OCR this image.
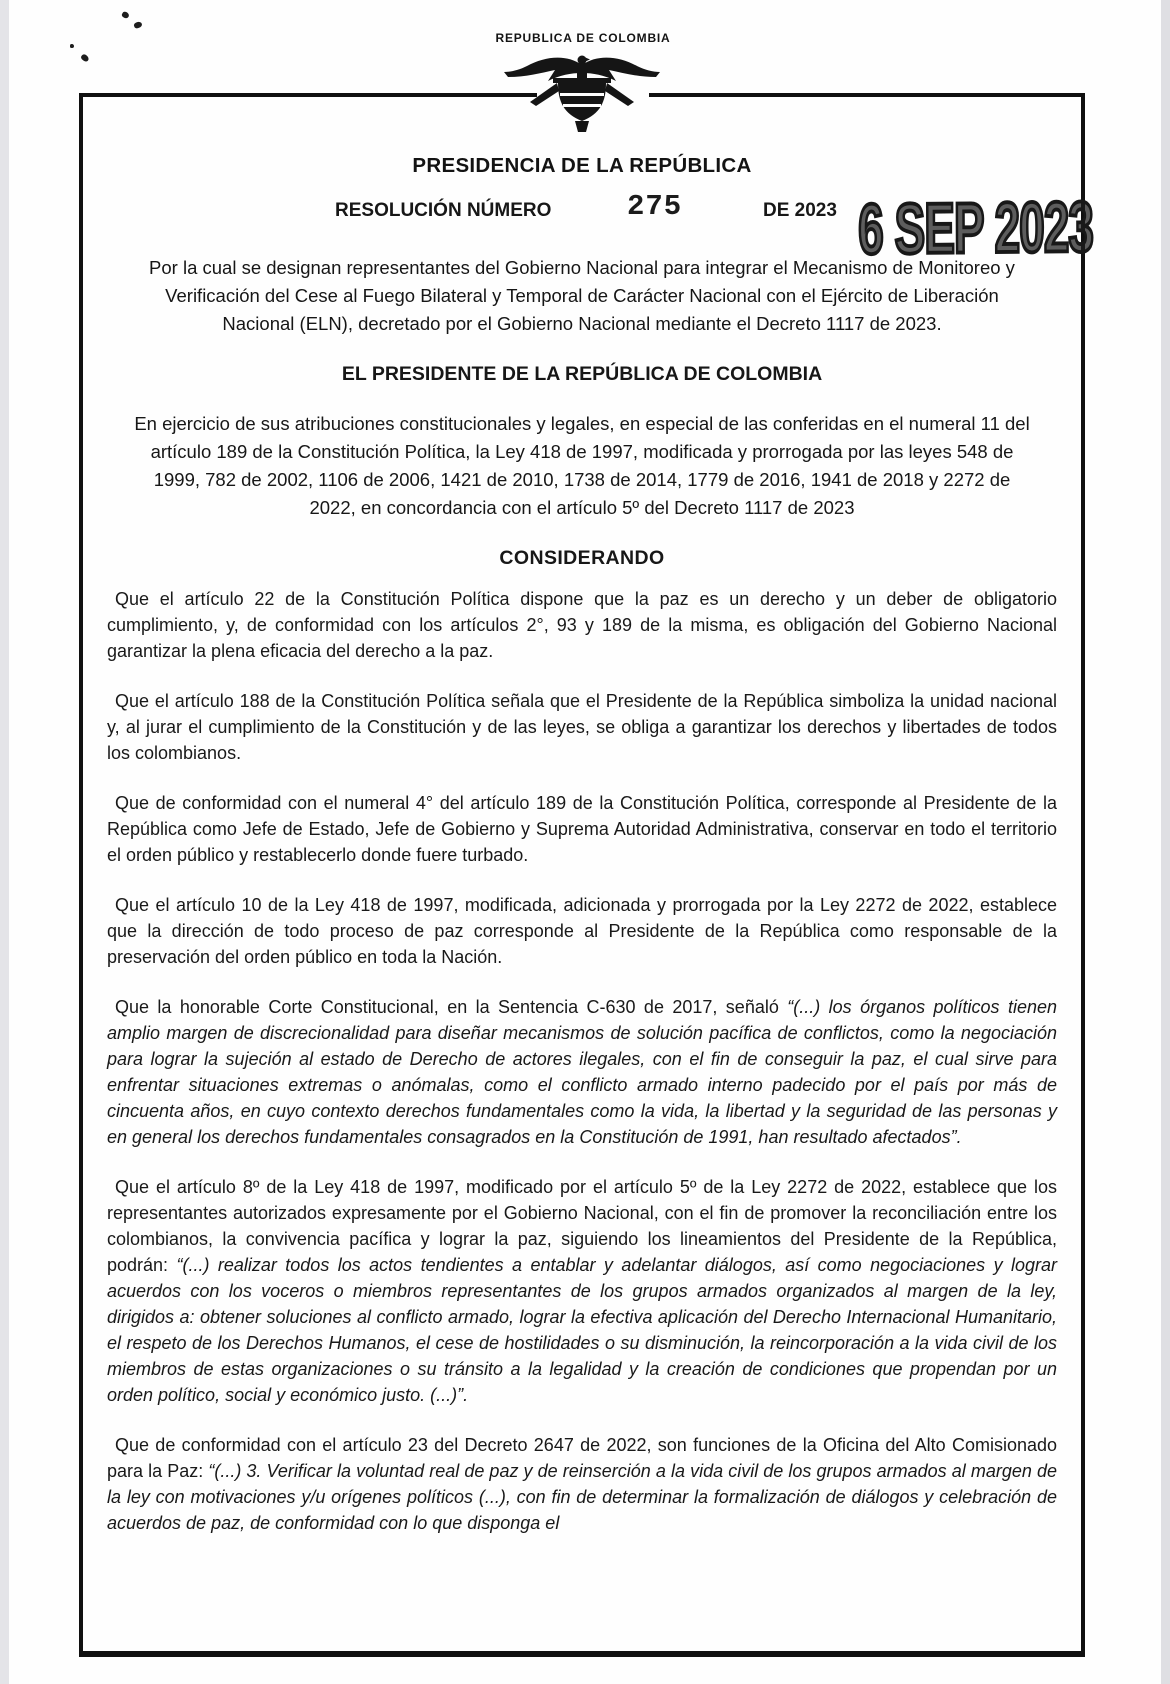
REPUBLICA DE COLOMBIA
6 SEP 2023
PRESIDENCIA DE LA REPÚBLICA
RESOLUCIÓN NÚMERO	275	DE 2023

Por la cual se designan representantes del Gobierno Nacional para integrar el Mecanismo de Monitoreo y Verificación del Cese al Fuego Bilateral y Temporal de Carácter Nacional con el Ejército de Liberación Nacional (ELN), decretado por el Gobierno Nacional mediante el Decreto 1117 de 2023.

EL PRESIDENTE DE LA REPÚBLICA DE COLOMBIA

En ejercicio de sus atribuciones constitucionales y legales, en especial de las conferidas en el numeral 11 del artículo 189 de la Constitución Política, la Ley 418 de 1997, modificada y prorrogada por las leyes 548 de 1999, 782 de 2002, 1106 de 2006, 1421 de 2010, 1738 de 2014, 1779 de 2016, 1941 de 2018 y 2272 de 2022, en concordancia con el artículo 5º del Decreto 1117 de 2023

CONSIDERANDO

Que el artículo 22 de la Constitución Política dispone que la paz es un derecho y un deber de obligatorio cumplimiento, y, de conformidad con los artículos 2°, 93 y 189 de la misma, es obligación del Gobierno Nacional garantizar la plena eficacia del derecho a la paz.

Que el artículo 188 de la Constitución Política señala que el Presidente de la República simboliza la unidad nacional y, al jurar el cumplimiento de la Constitución y de las leyes, se obliga a garantizar los derechos y libertades de todos los colombianos.

Que de conformidad con el numeral 4° del artículo 189 de la Constitución Política, corresponde al Presidente de la República como Jefe de Estado, Jefe de Gobierno y Suprema Autoridad Administrativa, conservar en todo el territorio el orden público y restablecerlo donde fuere turbado.

Que el artículo 10 de la Ley 418 de 1997, modificada, adicionada y prorrogada por la Ley 2272 de 2022, establece que la dirección de todo proceso de paz corresponde al Presidente de la República como responsable de la preservación del orden público en toda la Nación.

Que la honorable Corte Constitucional, en la Sentencia C-630 de 2017, señaló “(...) los órganos políticos tienen amplio margen de discrecionalidad para diseñar mecanismos de solución pacífica de conflictos, como la negociación para lograr la sujeción al estado de Derecho de actores ilegales, con el fin de conseguir la paz, el cual sirve para enfrentar situaciones extremas o anómalas, como el conflicto armado interno padecido por el país por más de cincuenta años, en cuyo contexto derechos fundamentales como la vida, la libertad y la seguridad de las personas y en general los derechos fundamentales consagrados en la Constitución de 1991, han resultado afectados”.

Que el artículo 8º de la Ley 418 de 1997, modificado por el artículo 5º de la Ley 2272 de 2022, establece que los representantes autorizados expresamente por el Gobierno Nacional, con el fin de promover la reconciliación entre los colombianos, la convivencia pacífica y lograr la paz, siguiendo los lineamientos del Presidente de la República, podrán: “(...) realizar todos los actos tendientes a entablar y adelantar diálogos, así como negociaciones y lograr acuerdos con los voceros o miembros representantes de los grupos armados organizados al margen de la ley, dirigidos a: obtener soluciones al conflicto armado, lograr la efectiva aplicación del Derecho Internacional Humanitario, el respeto de los Derechos Humanos, el cese de hostilidades o su disminución, la reincorporación a la vida civil de los miembros de estas organizaciones o su tránsito a la legalidad y la creación de condiciones que propendan por un orden político, social y económico justo. (...)”.

Que de conformidad con el artículo 23 del Decreto 2647 de 2022, son funciones de la Oficina del Alto Comisionado para la Paz: “(...) 3. Verificar la voluntad real de paz y de reinserción a la vida civil de los grupos armados al margen de la ley con motivaciones y/u orígenes políticos (...), con fin de determinar la formalización de diálogos y celebración de acuerdos de paz, de conformidad con lo que disponga el
